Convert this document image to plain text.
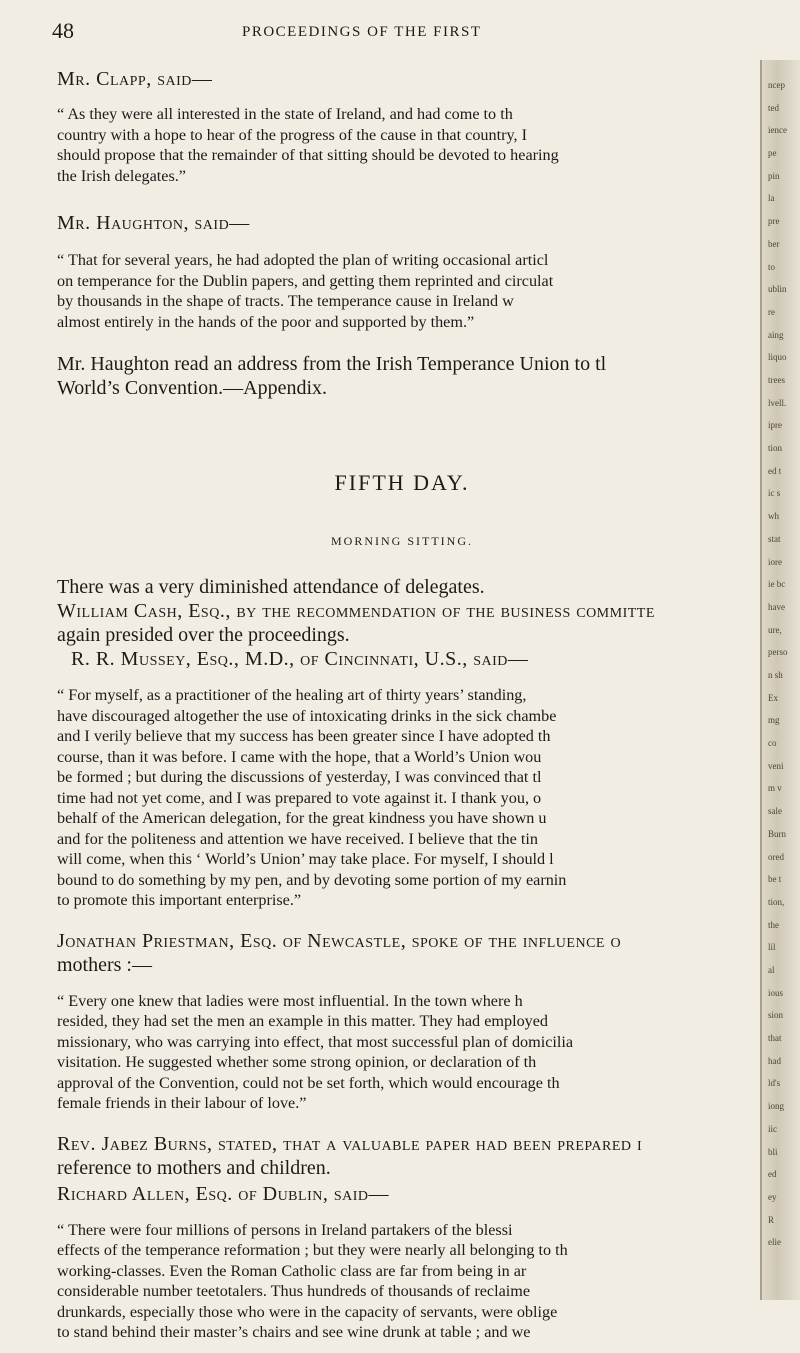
48	PROCEEDINGS OF THE FIRST

Mr. Clapp, said—

“ As they were all interested in the state of Ireland, and had come to th
country with a hope to hear of the progress of the cause in that country, I
should propose that the remainder of that sitting should be devoted to hearing
the Irish delegates.”

Mr. Haughton, said—

“ That for several years, he had adopted the plan of writing occasional articl
on temperance for the Dublin papers, and getting them reprinted and circulat
by thousands in the shape of tracts. The temperance cause in Ireland w
almost entirely in the hands of the poor and supported by them.”
Mr. Haughton read an address from the Irish Temperance Union to tl
World’s Convention.—Appendix.

FIFTH DAY.

MORNING SITTING.

There was a very diminished attendance of delegates.
William Cash, Esq., by the recommendation of the business committe
again presided over the proceedings.
R. R. Mussey, Esq., M.D., of Cincinnati, U.S., said—
“ For myself, as a practitioner of the healing art of thirty years’ standing,
have discouraged altogether the use of intoxicating drinks in the sick chambe
and I verily believe that my success has been greater since I have adopted th
course, than it was before. I came with the hope, that a World’s Union wou
be formed ; but during the discussions of yesterday, I was convinced that tl
time had not yet come, and I was prepared to vote against it. I thank you, o
behalf of the American delegation, for the great kindness you have shown u
and for the politeness and attention we have received. I believe that the tin
will come, when this ‘ World’s Union’ may take place. For myself, I should l
bound to do something by my pen, and by devoting some portion of my earnin
to promote this important enterprise.”
Jonathan Priestman, Esq. of Newcastle, spoke of the influence o
mothers :—
“ Every one knew that ladies were most influential. In the town where h
resided, they had set the men an example in this matter. They had employed
missionary, who was carrying into effect, that most successful plan of domicilia
visitation. He suggested whether some strong opinion, or declaration of th
approval of the Convention, could not be set forth, which would encourage th
female friends in their labour of love.”
Rev. Jabez Burns, stated, that a valuable paper had been prepared i
reference to mothers and children.

Richard Allen, Esq. of Dublin, said—

“ There were four millions of persons in Ireland partakers of the blessi
effects of the temperance reformation ; but they were nearly all belonging to th
working-classes. Even the Roman Catholic class are far from being in ar
considerable number teetotalers. Thus hundreds of thousands of reclaime
drunkards, especially those who were in the capacity of servants, were oblige
to stand behind their master’s chairs and see wine drunk at table ; and we
ncep
ted
ience
pe
pin
la
pre
ber
to
ublin
re
aing
liquo
trees
lvell.
ipre
tion
ed t
ic s
wh
stat
iore
ie bc
have
ure,
perso
n sh
Ex
mg
co
veni
m v
sale
Burn
ored
be t
tion,
the
lil
al
ious
sion
that
had
ld's
iong
iic
bli
ed
ey
R
elie
